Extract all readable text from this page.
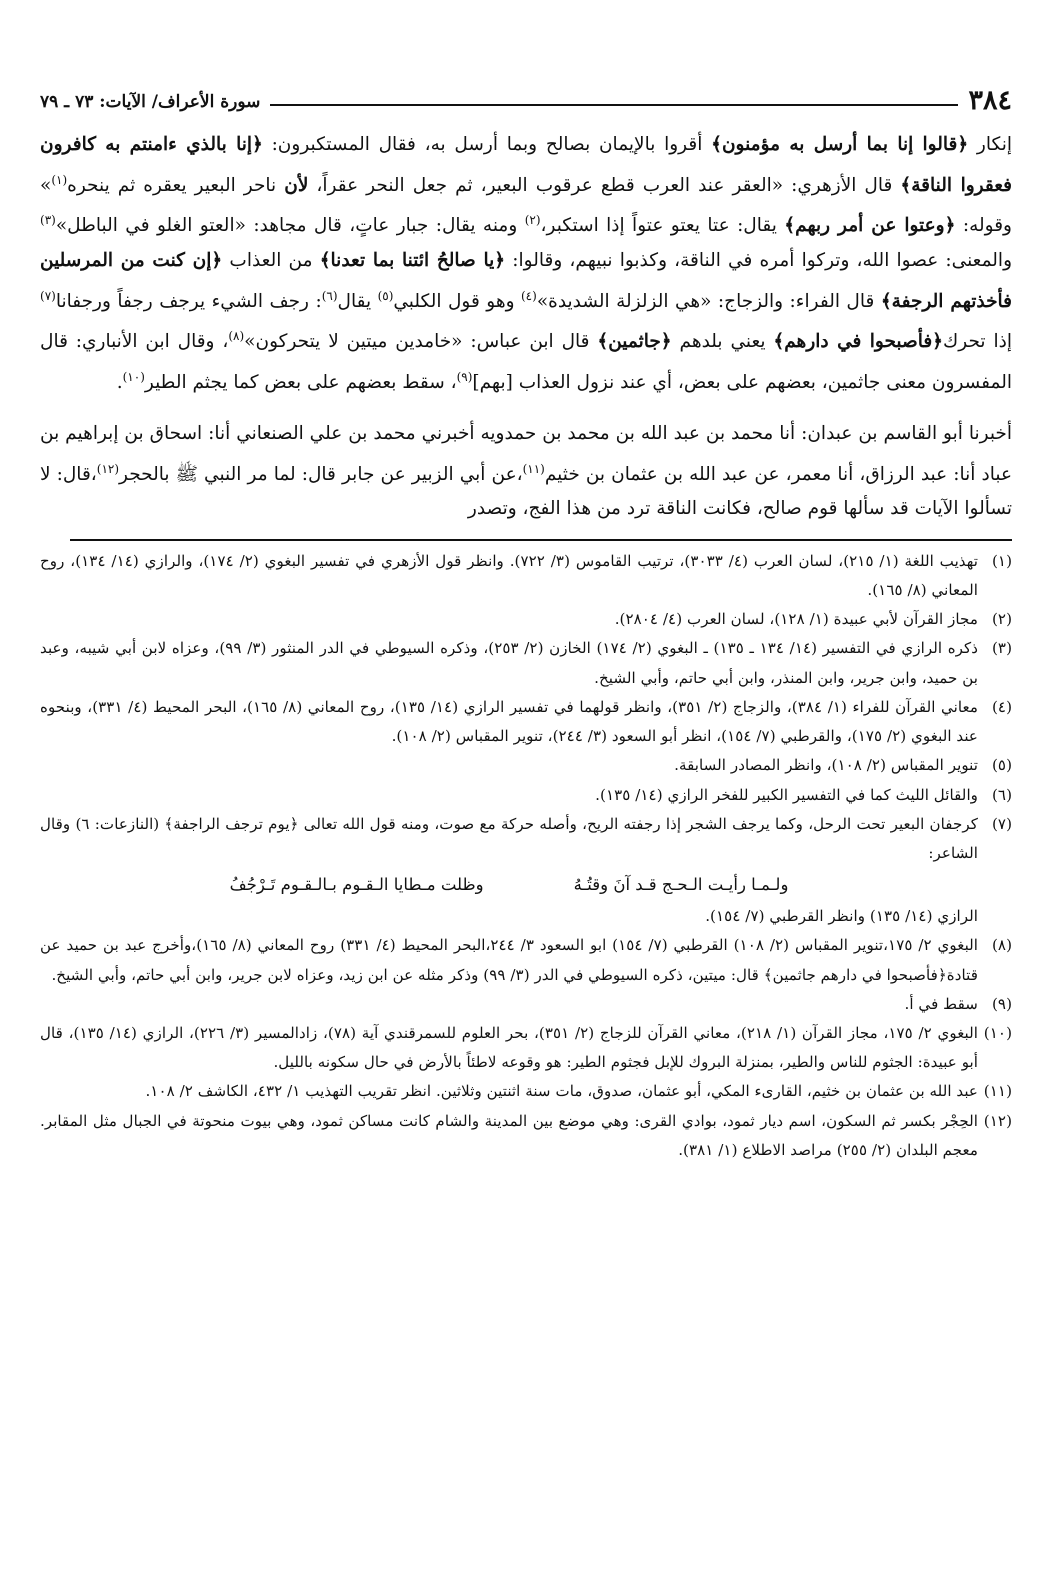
٣٨٤
سورة الأعراف/ الآيات: ٧٣ ـ ٧٩

إنكار ﴿قالوا إنا بما أرسل به مؤمنون﴾ أقروا بالإيمان بصالح وبما أرسل به، فقال المستكبرون: ﴿إنا بالذي ءامنتم به كافرون فعقروا الناقة﴾ قال الأزهري: «العقر عند العرب قطع عرقوب البعير، ثم جعل النحر عقراً، لأن ناحر البعير يعقره ثم ينحره$^{(١)}$» وقوله: ﴿وعتوا عن أمر ربهم﴾ يقال: عتا يعتو عتواً إذا استكبر،$^{(٢)}$ ومنه يقال: جبار عاتٍ، قال مجاهد: «العتو الغلو في الباطل»$^{(٣)}$ والمعنى: عصوا الله، وتركوا أمره في الناقة، وكذبوا نبيهم، وقالوا: ﴿يا صالحُ ائتنا بما تعدنا﴾ من العذاب ﴿إن كنت من المرسلين فأخذتهم الرجفة﴾ قال الفراء: والزجاج: «هي الزلزلة الشديدة»$^{(٤)}$ وهو قول الكلبي$^{(٥)}$ يقال$^{(٦)}$: رجف الشيء يرجف رجفاً ورجفانا$^{(٧)}$ إذا تحرك﴿فأصبحوا في دارهم﴾ يعني بلدهم ﴿جاثمين﴾ قال ابن عباس: «خامدين ميتين لا يتحركون»$^{(٨)}$، وقال ابن الأنباري: قال المفسرون معنى جاثمين، بعضهم على بعض، أي عند نزول العذاب [بهم]$^{(٩)}$، سقط بعضهم على بعض كما يجثم الطير$^{(١٠)}$.

أخبرنا أبو القاسم بن عبدان: أنا محمد بن عبد الله بن محمد بن حمدويه أخبرني محمد بن علي الصنعاني أنا: اسحاق بن إبراهيم بن عباد أنا: عبد الرزاق، أنا معمر، عن عبد الله بن عثمان بن خثيم$^{(١١)}$،عن أبي الزبير عن جابر قال: لما مر النبي ﷺ بالحجر$^{(١٢)}$،قال: لا تسألوا الآيات قد سألها قوم صالح، فكانت الناقة ترد من هذا الفج، وتصدر

(١)
تهذيب اللغة (١/ ٢١٥)، لسان العرب (٤/ ٣٠٣٣)، ترتيب القاموس (٣/ ٧٢٢). وانظر قول الأزهري في تفسير البغوي (٢/ ١٧٤)، والرازي (١٤/ ١٣٤)، روح المعاني (٨/ ١٦٥).
(٢)
مجاز القرآن لأبي عبيدة (١/ ١٢٨)، لسان العرب (٤/ ٢٨٠٤).
(٣)
ذكره الرازي في التفسير (١٤/ ١٣٤ ـ ١٣٥) ـ البغوي (٢/ ١٧٤) الخازن (٢/ ٢٥٣)، وذكره السيوطي في الدر المنثور (٣/ ٩٩)، وعزاه لابن أبي شيبه، وعبد بن حميد، وابن جرير، وابن المنذر، وابن أبي حاتم، وأبي الشيخ.
(٤)
معاني القرآن للفراء (١/ ٣٨٤)، والزجاج (٢/ ٣٥١)، وانظر قولهما في تفسير الرازي (١٤/ ١٣٥)، روح المعاني (٨/ ١٦٥)، البحر المحيط (٤/ ٣٣١)، وبنحوه عند البغوي (٢/ ١٧٥)، والقرطبي (٧/ ١٥٤)، انظر أبو السعود (٣/ ٢٤٤)، تنوير المقباس (٢/ ١٠٨).
(٥)
تنوير المقباس (٢/ ١٠٨)، وانظر المصادر السابقة.
(٦)
والقائل الليث كما في التفسير الكبير للفخر الرازي (١٤/ ١٣٥).
(٧)
كرجفان البعير تحت الرحل، وكما يرجف الشجر إذا رجفته الريح، وأصله حركة مع صوت، ومنه قول الله تعالى ﴿يوم ترجف الراجفة﴾ (النازعات: ٦) وقال الشاعر:
ولـمـا رأيـت الـحـج قـد آنَ وقتُـهُ
وظلت مـطايا الـقـوم بـالـقـوم تَـرْجُفُ
الرازي (١٤/ ١٣٥) وانظر القرطبي (٧/ ١٥٤).
(٨)
البغوي ٢/ ١٧٥،تنوير المقباس (٢/ ١٠٨) القرطبي (٧/ ١٥٤) ابو السعود ٣/ ٢٤٤،البحر المحيط (٤/ ٣٣١) روح المعاني (٨/ ١٦٥)،وأخرج عبد بن حميد عن قتادة﴿فأصبحوا في دارهم جاثمين﴾ قال: ميتين، ذكره السيوطي في الدر (٣/ ٩٩) وذكر مثله عن ابن زيد، وعزاه لابن جرير، وابن أبي حاتم، وأبي الشيخ.
(٩)
سقط في أ.
(١٠)
البغوي ٢/ ١٧٥، مجاز القرآن (١/ ٢١٨)، معاني القرآن للزجاج (٢/ ٣٥١)، بحر العلوم للسمرقندي آية (٧٨)، زادالمسير (٣/ ٢٢٦)، الرازي (١٤/ ١٣٥)، قال أبو عبيدة: الجثوم للناس والطير، بمنزلة البروك للإبل فجثوم الطير: هو وقوعه لاطئاً بالأرض في حال سكونه بالليل.
(١١)
عبد الله بن عثمان بن خثيم، القارىء المكي، أبو عثمان، صدوق، مات سنة اثنتين وثلاثين. انظر تقريب التهذيب ١/ ٤٣٢، الكاشف ٢/ ١٠٨.
(١٢)
الحِجْر بكسر ثم السكون، اسم ديار ثمود، بوادي القرى: وهي موضع بين المدينة والشام كانت مساكن ثمود، وهي بيوت منحوتة في الجبال مثل المقابر. معجم البلدان (٢/ ٢٥٥) مراصد الاطلاع (١/ ٣٨١).
